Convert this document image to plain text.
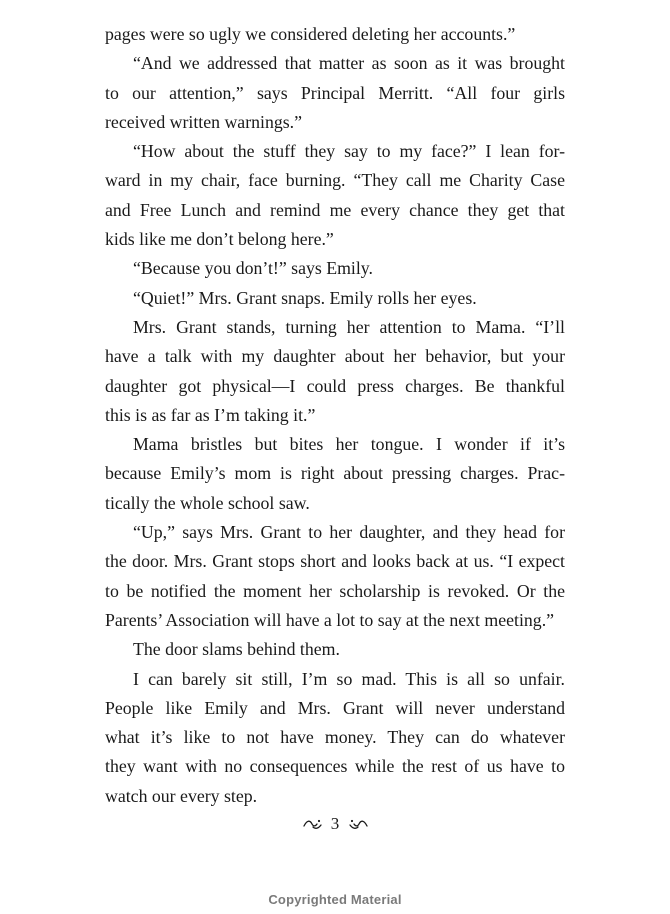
pages were so ugly we considered deleting her accounts.”
“And we addressed that matter as soon as it was brought
to our attention,” says Principal Merritt. “All four girls
received written warnings.”
“How about the stuff they say to my face?” I lean for-
ward in my chair, face burning. “They call me Charity Case
and Free Lunch and remind me every chance they get that
kids like me don’t belong here.”
“Because you don’t!” says Emily.
“Quiet!” Mrs. Grant snaps. Emily rolls her eyes.
Mrs. Grant stands, turning her attention to Mama. “I’ll
have a talk with my daughter about her behavior, but your
daughter got physical—I could press charges. Be thankful
this is as far as I’m taking it.”
Mama bristles but bites her tongue. I wonder if it’s
because Emily’s mom is right about pressing charges. Prac-
tically the whole school saw.
“Up,” says Mrs. Grant to her daughter, and they head for
the door. Mrs. Grant stops short and looks back at us. “I expect
to be notified the moment her scholarship is revoked. Or the
Parents’ Association will have a lot to say at the next meeting.”
The door slams behind them.
I can barely sit still, I’m so mad. This is all so unfair.
People like Emily and Mrs. Grant will never understand
what it’s like to not have money. They can do whatever
they want with no consequences while the rest of us have to
watch our every step.
3
Copyrighted Material
